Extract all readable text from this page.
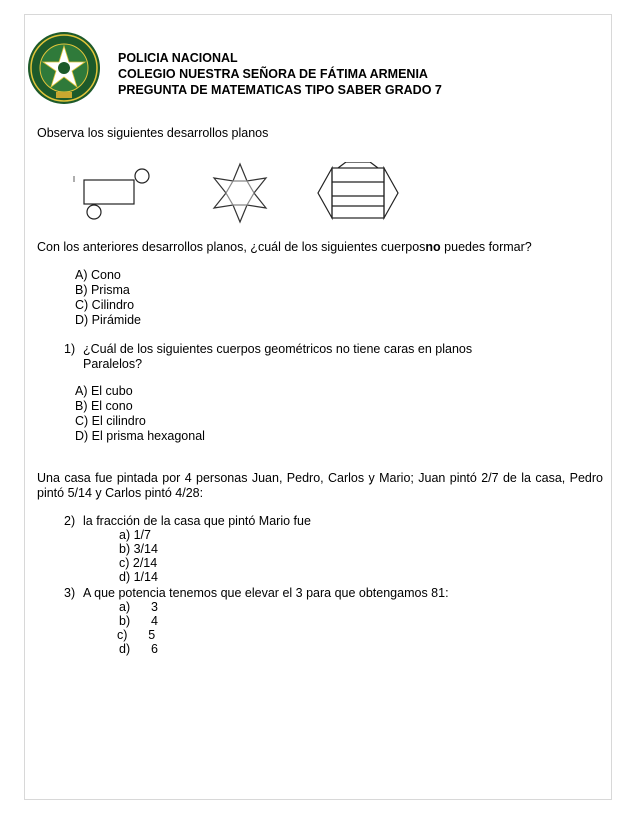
POLICIA NACIONAL
COLEGIO NUESTRA SEÑORA DE FÁTIMA ARMENIA
PREGUNTA DE MATEMATICAS TIPO SABER GRADO 7
Observa los siguientes desarrollos planos
Con los anteriores desarrollos planos, ¿cuál de los siguientes cuerposno puedes formar?
A) Cono
B) Prisma
C) Cilindro
D) Pirámide
1) ¿Cuál de los siguientes cuerpos geométricos no tiene caras en planos
Paralelos?
A) El cubo
B) El cono
C) El cilindro
D) El prisma hexagonal
Una casa fue pintada por 4 personas Juan, Pedro, Carlos y Mario; Juan pintó 2/7 de la casa, Pedro
pintó 5/14 y Carlos pintó 4/28:
2) la fracción de la casa que pintó Mario fue
a) 1/7
b) 3/14
c) 2/14
d) 1/14
3) A que potencia tenemos que elevar el 3 para que obtengamos 81:
a)      3
b)      4
c)      5
d)      6
